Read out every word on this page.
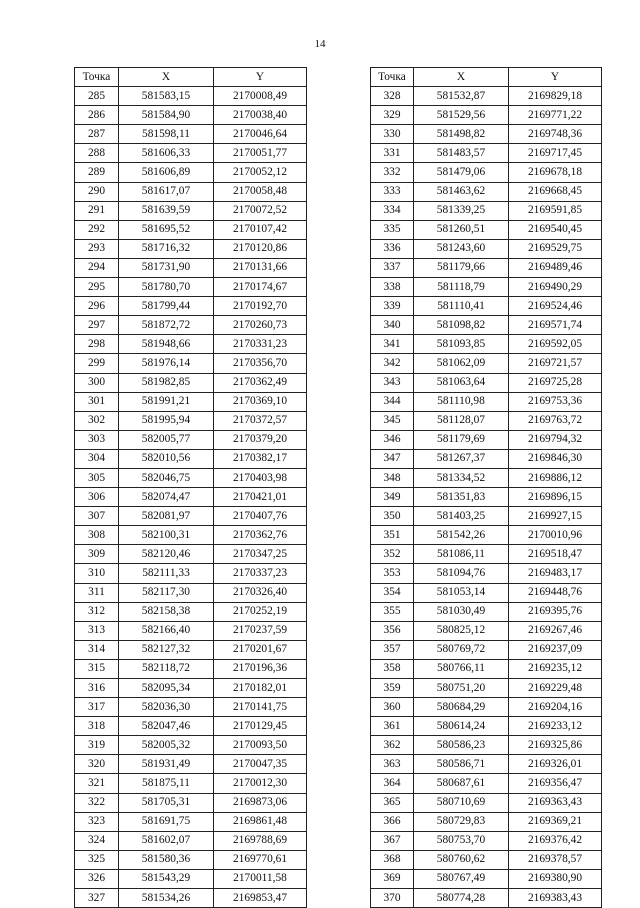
14
Точка	X	Y
285	581583,15	2170008,49
286	581584,90	2170038,40
287	581598,11	2170046,64
288	581606,33	2170051,77
289	581606,89	2170052,12
290	581617,07	2170058,48
291	581639,59	2170072,52
292	581695,52	2170107,42
293	581716,32	2170120,86
294	581731,90	2170131,66
295	581780,70	2170174,67
296	581799,44	2170192,70
297	581872,72	2170260,73
298	581948,66	2170331,23
299	581976,14	2170356,70
300	581982,85	2170362,49
301	581991,21	2170369,10
302	581995,94	2170372,57
303	582005,77	2170379,20
304	582010,56	2170382,17
305	582046,75	2170403,98
306	582074,47	2170421,01
307	582081,97	2170407,76
308	582100,31	2170362,76
309	582120,46	2170347,25
310	582111,33	2170337,23
311	582117,30	2170326,40
312	582158,38	2170252,19
313	582166,40	2170237,59
314	582127,32	2170201,67
315	582118,72	2170196,36
316	582095,34	2170182,01
317	582036,30	2170141,75
318	582047,46	2170129,45
319	582005,32	2170093,50
320	581931,49	2170047,35
321	581875,11	2170012,30
322	581705,31	2169873,06
323	581691,75	2169861,48
324	581602,07	2169788,69
325	581580,36	2169770,61
326	581543,29	2170011,58
327	581534,26	2169853,47
Точка	X	Y
328	581532,87	2169829,18
329	581529,56	2169771,22
330	581498,82	2169748,36
331	581483,57	2169717,45
332	581479,06	2169678,18
333	581463,62	2169668,45
334	581339,25	2169591,85
335	581260,51	2169540,45
336	581243,60	2169529,75
337	581179,66	2169489,46
338	581118,79	2169490,29
339	581110,41	2169524,46
340	581098,82	2169571,74
341	581093,85	2169592,05
342	581062,09	2169721,57
343	581063,64	2169725,28
344	581110,98	2169753,36
345	581128,07	2169763,72
346	581179,69	2169794,32
347	581267,37	2169846,30
348	581334,52	2169886,12
349	581351,83	2169896,15
350	581403,25	2169927,15
351	581542,26	2170010,96
352	581086,11	2169518,47
353	581094,76	2169483,17
354	581053,14	2169448,76
355	581030,49	2169395,76
356	580825,12	2169267,46
357	580769,72	2169237,09
358	580766,11	2169235,12
359	580751,20	2169229,48
360	580684,29	2169204,16
361	580614,24	2169233,12
362	580586,23	2169325,86
363	580586,71	2169326,01
364	580687,61	2169356,47
365	580710,69	2169363,43
366	580729,83	2169369,21
367	580753,70	2169376,42
368	580760,62	2169378,57
369	580767,49	2169380,90
370	580774,28	2169383,43
